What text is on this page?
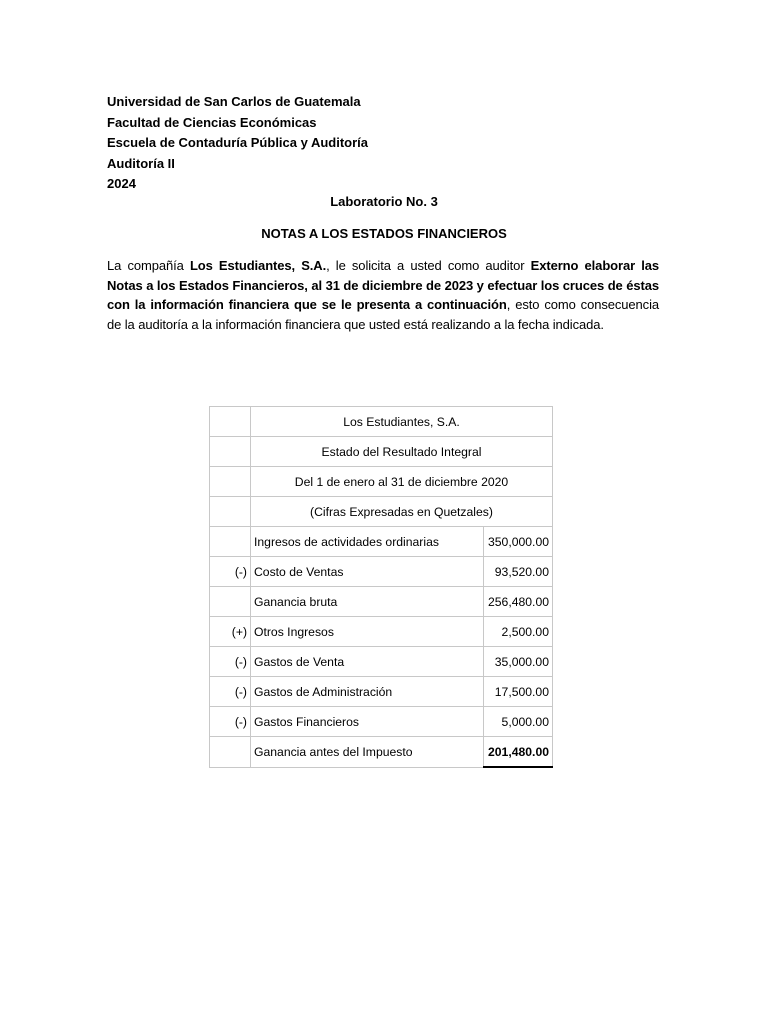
Universidad de San Carlos de Guatemala
Facultad de Ciencias Económicas
Escuela de Contaduría Pública y Auditoría
Auditoría II
2024
Laboratorio No. 3
NOTAS A LOS ESTADOS FINANCIEROS
La compañía Los Estudiantes, S.A., le solicita a usted como auditor Externo elaborar las Notas a los Estados Financieros, al 31 de diciembre de 2023 y efectuar los cruces de éstas con la información financiera que se le presenta a continuación, esto como consecuencia de la auditoría a la información financiera que usted está realizando a la fecha indicada.
	Los Estudiantes, S.A.	
	Estado del Resultado Integral	
	Del 1 de enero al 31 de diciembre 2020	
	(Cifras Expresadas en Quetzales)	
	Ingresos de actividades ordinarias	350,000.00
(-)	Costo de Ventas	93,520.00
	Ganancia bruta	256,480.00
(+)	Otros Ingresos	2,500.00
(-)	Gastos de Venta	35,000.00
(-)	Gastos de Administración	17,500.00
(-)	Gastos Financieros	5,000.00
	Ganancia antes del Impuesto	201,480.00
